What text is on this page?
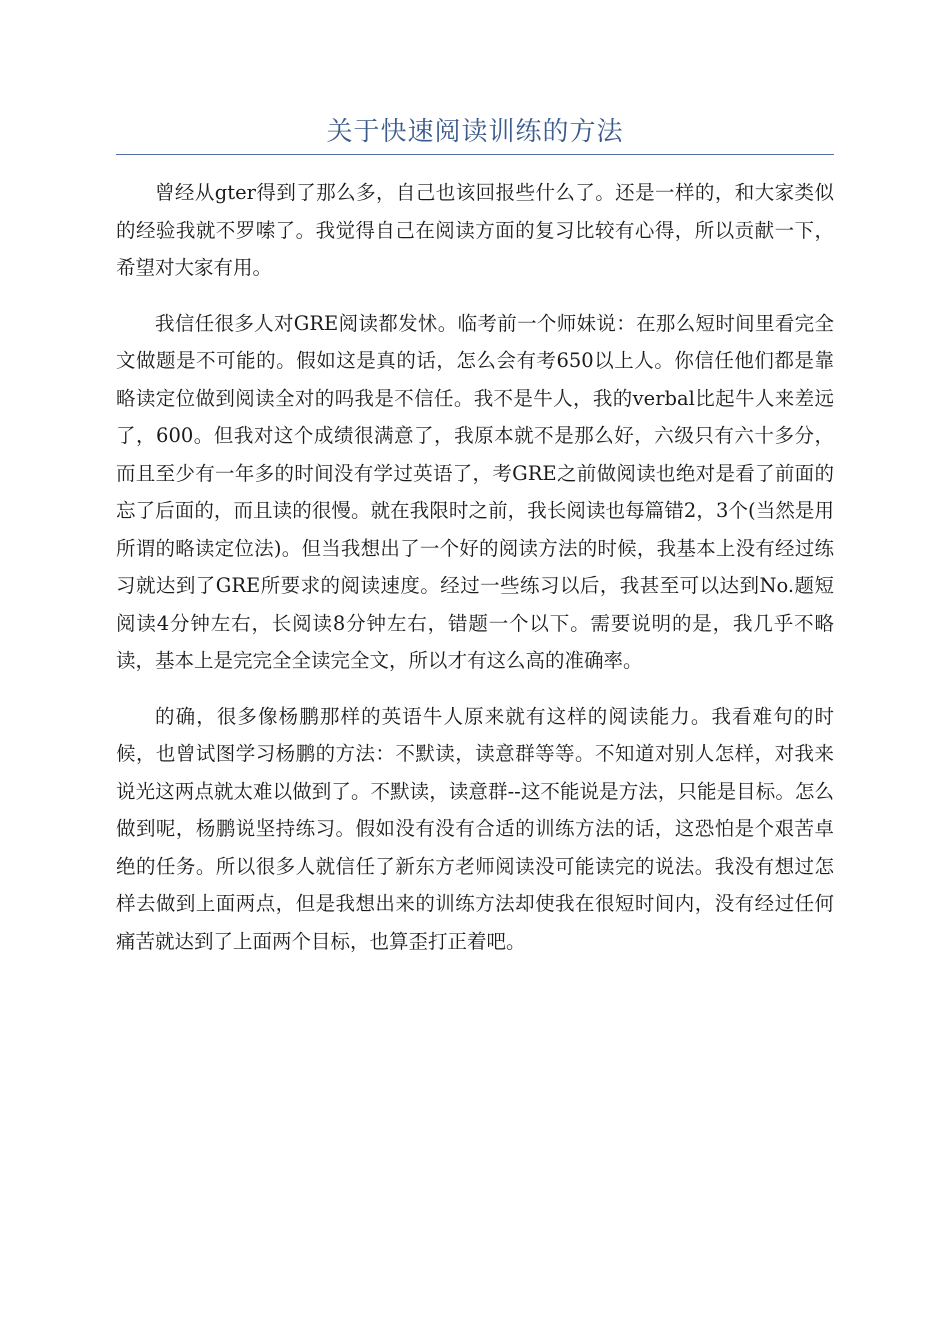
关于快速阅读训练的方法

曾经从gter得到了那么多，自己也该回报些什么了。还是一样的，和大家类似的经验我就不罗嗦了。我觉得自己在阅读方面的复习比较有心得，所以贡献一下，希望对大家有用。

我信任很多人对GRE阅读都发怵。临考前一个师妹说：在那么短时间里看完全文做题是不可能的。假如这是真的话，怎么会有考650以上人。你信任他们都是靠略读定位做到阅读全对的吗我是不信任。我不是牛人，我的verbal比起牛人来差远了，600。但我对这个成绩很满意了，我原本就不是那么好，六级只有六十多分，而且至少有一年多的时间没有学过英语了，考GRE之前做阅读也绝对是看了前面的忘了后面的，而且读的很慢。就在我限时之前，我长阅读也每篇错2，3个(当然是用所谓的略读定位法)。但当我想出了一个好的阅读方法的时候，我基本上没有经过练习就达到了GRE所要求的阅读速度。经过一些练习以后，我甚至可以达到No.题短阅读4分钟左右，长阅读8分钟左右，错题一个以下。需要说明的是，我几乎不略读，基本上是完完全全读完全文，所以才有这么高的准确率。

的确，很多像杨鹏那样的英语牛人原来就有这样的阅读能力。我看难句的时候，也曾试图学习杨鹏的方法：不默读，读意群等等。不知道对别人怎样，对我来说光这两点就太难以做到了。不默读，读意群--这不能说是方法，只能是目标。怎么做到呢，杨鹏说坚持练习。假如没有没有合适的训练方法的话，这恐怕是个艰苦卓绝的任务。所以很多人就信任了新东方老师阅读没可能读完的说法。我没有想过怎样去做到上面两点，但是我想出来的训练方法却使我在很短时间内，没有经过任何痛苦就达到了上面两个目标，也算歪打正着吧。
